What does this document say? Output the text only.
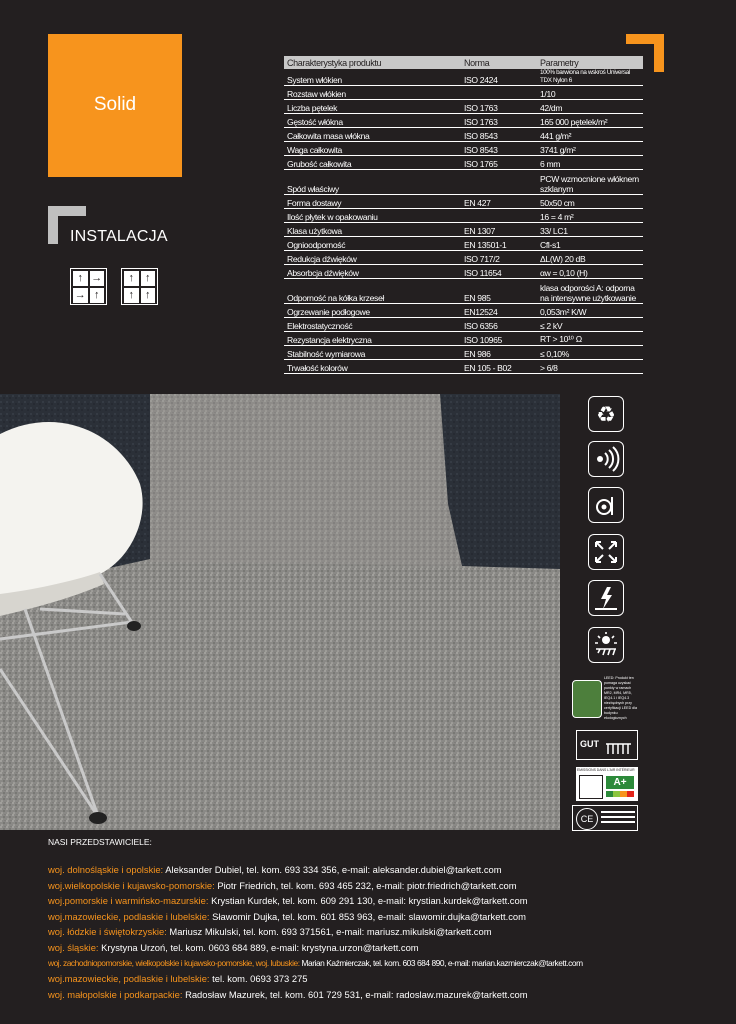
Solid
INSTALACJA
↑ →
→ ↑
↑	↑
↑	↑
Charakterystyka produktu	Norma	Parametry
System włókien	ISO 2424	100% barwiona na wskroś Universal TDX Nylon 6
Rozstaw włókien		1/10
Liczba pętelek	ISO 1763	42/dm
Gęstość włókna	ISO 1763	165 000 pętelek/m²
Całkowita masa włókna	ISO 8543	441 g/m²
Waga całkowita	ISO 8543	3741 g/m²
Grubość całkowita	ISO 1765	6 mm
Spód właściwy		PCW wzmocnione włóknem szklanym
Forma dostawy	EN 427	50x50 cm
Ilość płytek w opakowaniu		16 = 4 m²
Klasa użytkowa	EN 1307	33/ LC1
Ognioodporność	EN 13501-1	Cfl-s1
Redukcja dźwięków	ISO 717/2	ΔL(W) 20 dB
Absorbcja dźwięków	ISO 11654	αw = 0,10 (H)
Odporność na kółka krzeseł	EN 985	klasa odporości A: odporna na intensywne użytkowanie
Ogrzewanie podłogowe	EN12524	0,053m² K/W
Elektrostatyczność	ISO 6356	≤ 2 kV
Rezystancja elektryczna	ISO 10965	RT > 10¹⁰ Ω
Stabilność wymiarowa	EN 986	≤ 0,10%
Trwałość kolorów	EN 105 - B02	> 6/8
♻
LEED: Produkt ten pomaga uzyskać punkty w ramach MR2, MR4, MR5, IEQ4.1 i IEQ4.3 niezbędnych przy certyfikacji LEED dla budynku ekologicznych
GUT
EMISSIONS DANS L'AIR INTÉRIEUR
A+
CE
NASI PRZEDSTAWICIELE:
woj. dolnośląskie i opolskie: Aleksander Dubiel, tel. kom. 693 334 356, e-mail: aleksander.dubiel@tarkett.com
woj.wielkopolskie i kujawsko-pomorskie: Piotr Friedrich, tel. kom. 693 465 232, e-mail: piotr.friedrich@tarkett.com
woj.pomorskie i warmińsko-mazurskie: Krystian Kurdek, tel. kom. 609 291 130, e-mail: krystian.kurdek@tarkett.com
woj.mazowieckie, podlaskie i lubelskie: Sławomir Dujka, tel. kom. 601 853 963, e-mail: slawomir.dujka@tarkett.com
woj. łódzkie i świętokrzyskie: Mariusz Mikulski, tel. kom. 693 371561, e-mail: mariusz.mikulski@tarkett.com
woj. śląskie: Krystyna Urzoń, tel. kom. 0603 684 889, e-mail: krystyna.urzon@tarkett.com
woj. zachodniopomorskie, wielkopolskie i kujawsko-pomorskie, woj. lubuskie: Marian Kaźmierczak, tel. kom. 603 684 890, e-mail: marian.kazmierczak@tarkett.com
woj.mazowieckie, podlaskie i lubelskie: tel. kom. 0693 373 275
woj. małopolskie i podkarpackie: Radosław Mazurek, tel. kom. 601 729 531, e-mail: radoslaw.mazurek@tarkett.com
